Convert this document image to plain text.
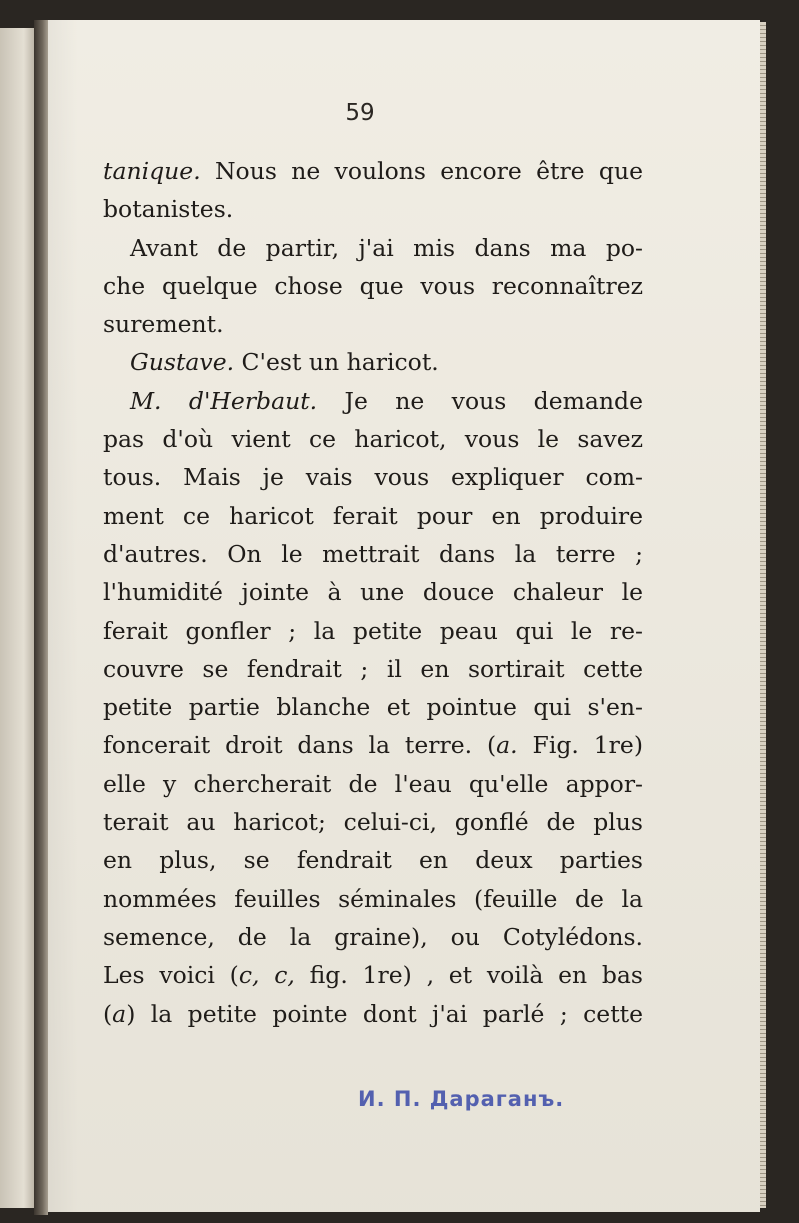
59
tanique. Nous ne voulons encore être que
botanistes.
Avant de partir, j'ai mis dans ma po-
che quelque chose que vous reconnaîtrez
surement.
Gustave. C'est un haricot.
M. d'Herbaut. Je ne vous demande
pas d'où vient ce haricot, vous le savez
tous. Mais je vais vous expliquer com-
ment ce haricot ferait pour en produire
d'autres. On le mettrait dans la terre ;
l'humidité jointe à une douce chaleur le
ferait gonfler ; la petite peau qui le re-
couvre se fendrait ; il en sortirait cette
petite partie blanche et pointue qui s'en-
foncerait droit dans la terre. (a. Fig. 1re)
elle y chercherait de l'eau qu'elle appor-
terait au haricot; celui-ci, gonflé de plus
en plus, se fendrait en deux parties
nommées feuilles séminales (feuille de la
semence, de la graine), ou Cotylédons.
Les voici (c, c, fig. 1re) , et voilà en bas
(a) la petite pointe dont j'ai parlé ; cette
И. П. Дараганъ.
